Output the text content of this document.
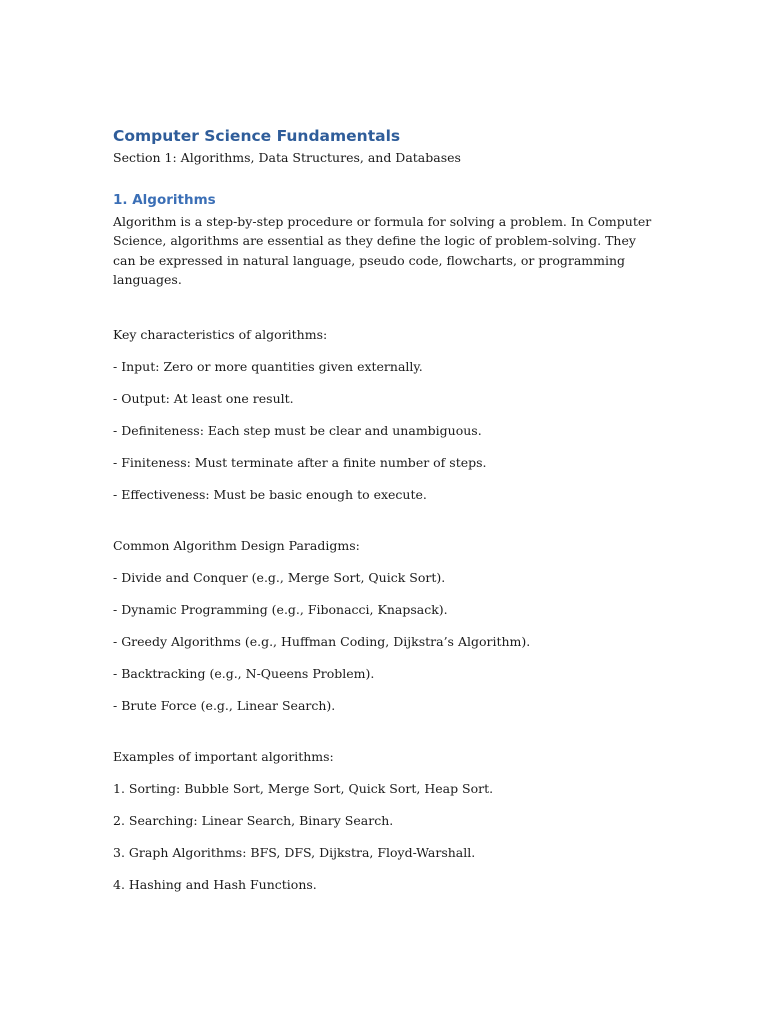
Computer Science Fundamentals

Section 1: Algorithms, Data Structures, and Databases

1. Algorithms

Algorithm is a step-by-step procedure or formula for solving a problem. In Computer Science, algorithms are essential as they define the logic of problem-solving. They can be expressed in natural language, pseudo code, flowcharts, or programming languages.

Key characteristics of algorithms:

- Input: Zero or more quantities given externally.

- Output: At least one result.

- Definiteness: Each step must be clear and unambiguous.

- Finiteness: Must terminate after a finite number of steps.

- Effectiveness: Must be basic enough to execute.

Common Algorithm Design Paradigms:

- Divide and Conquer (e.g., Merge Sort, Quick Sort).

- Dynamic Programming (e.g., Fibonacci, Knapsack).

- Greedy Algorithms (e.g., Huffman Coding, Dijkstra’s Algorithm).

- Backtracking (e.g., N-Queens Problem).

- Brute Force (e.g., Linear Search).

Examples of important algorithms:

1. Sorting: Bubble Sort, Merge Sort, Quick Sort, Heap Sort.

2. Searching: Linear Search, Binary Search.

3. Graph Algorithms: BFS, DFS, Dijkstra, Floyd-Warshall.

4. Hashing and Hash Functions.
